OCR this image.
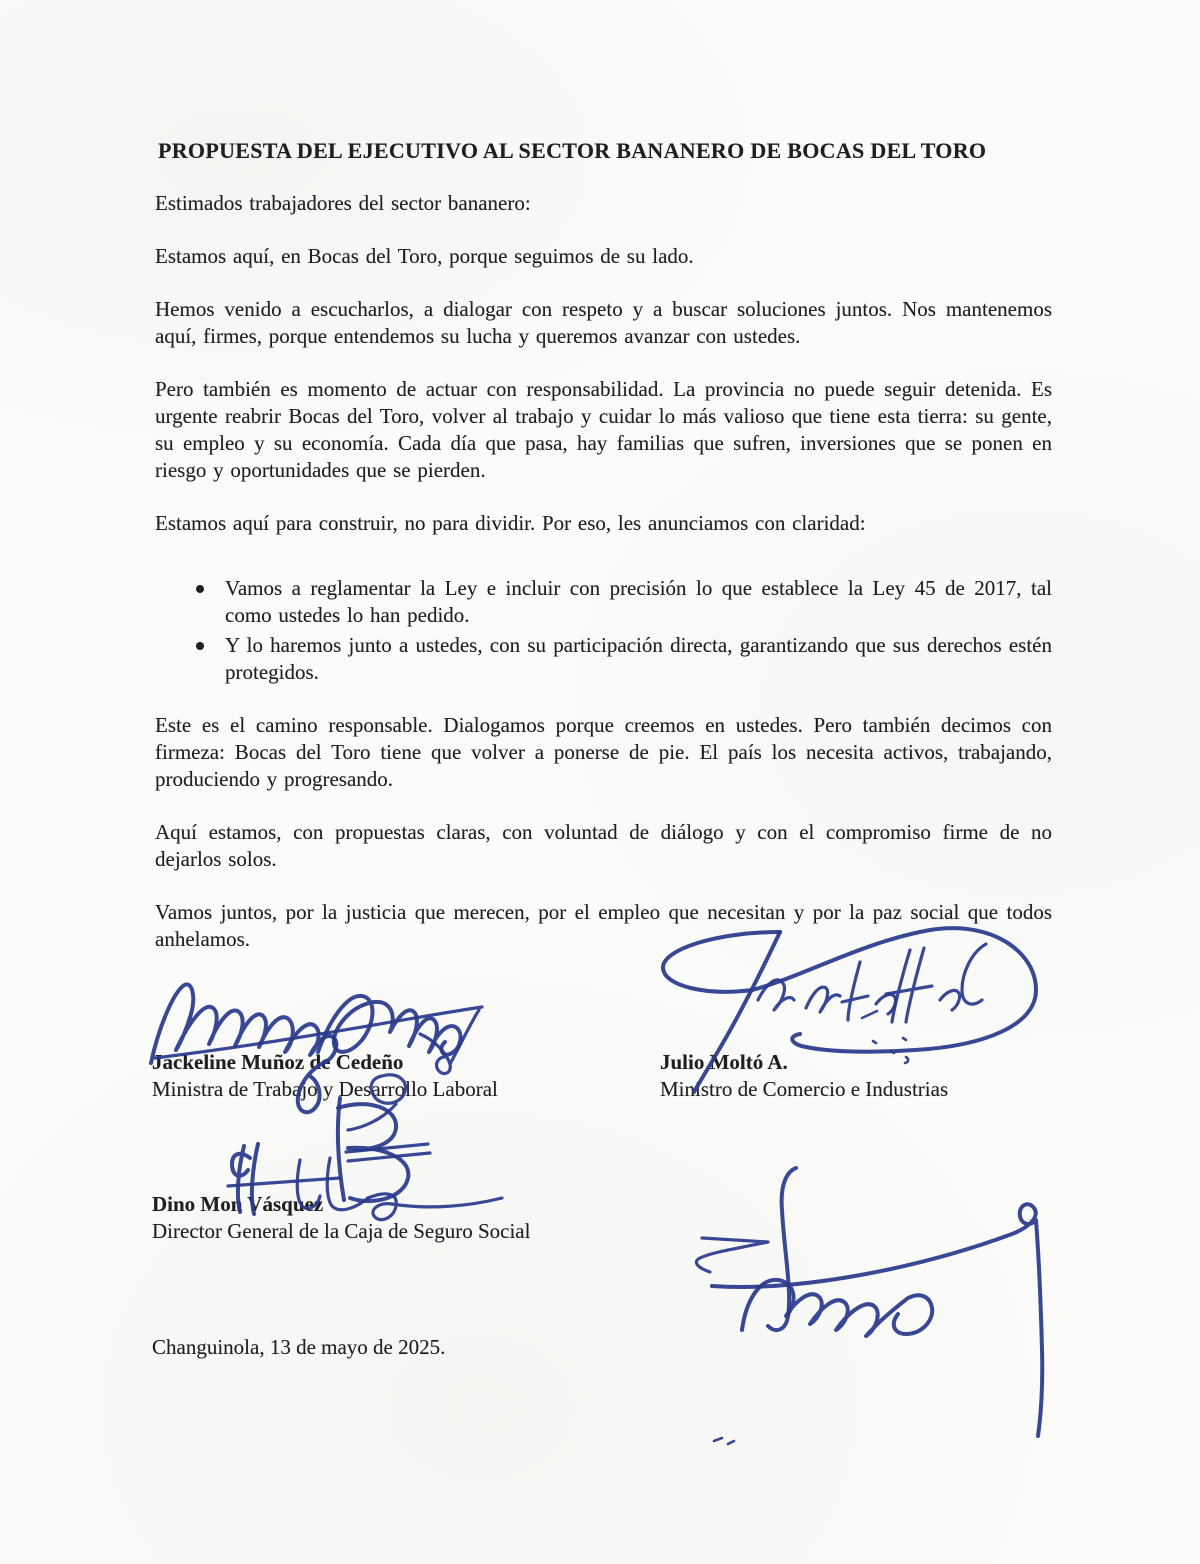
PROPUESTA DEL EJECUTIVO AL SECTOR BANANERO DE BOCAS DEL TORO

Estimados trabajadores del sector bananero:

Estamos aquí, en Bocas del Toro, porque seguimos de su lado.

Hemos venido a escucharlos, a dialogar con respeto y a buscar soluciones juntos. Nos mantenemos aquí, firmes, porque entendemos su lucha y queremos avanzar con ustedes.

Pero también es momento de actuar con responsabilidad. La provincia no puede seguir detenida. Es urgente reabrir Bocas del Toro, volver al trabajo y cuidar lo más valioso que tiene esta tierra: su gente, su empleo y su economía. Cada día que pasa, hay familias que sufren, inversiones que se ponen en riesgo y oportunidades que se pierden.

Estamos aquí para construir, no para dividir. Por eso, les anunciamos con claridad:

Vamos a reglamentar la Ley e incluir con precisión lo que establece la Ley 45 de 2017, tal como ustedes lo han pedido.
Y lo haremos junto a ustedes, con su participación directa, garantizando que sus derechos estén protegidos.

Este es el camino responsable. Dialogamos porque creemos en ustedes. Pero también decimos con firmeza: Bocas del Toro tiene que volver a ponerse de pie. El país los necesita activos, trabajando, produciendo y progresando.

Aquí estamos, con propuestas claras, con voluntad de diálogo y con el compromiso firme de no dejarlos solos.

Vamos juntos, por la justicia que merecen, por el empleo que necesitan y por la paz social que todos anhelamos.

Jackeline Muñoz de Cedeño
Ministra de Trabajo y Desarrollo Laboral
Julio Moltó A.
Ministro de Comercio e Industrias
Dino Mon Vásquez
Director General de la Caja de Seguro Social
Changuinola, 13 de mayo de 2025.
